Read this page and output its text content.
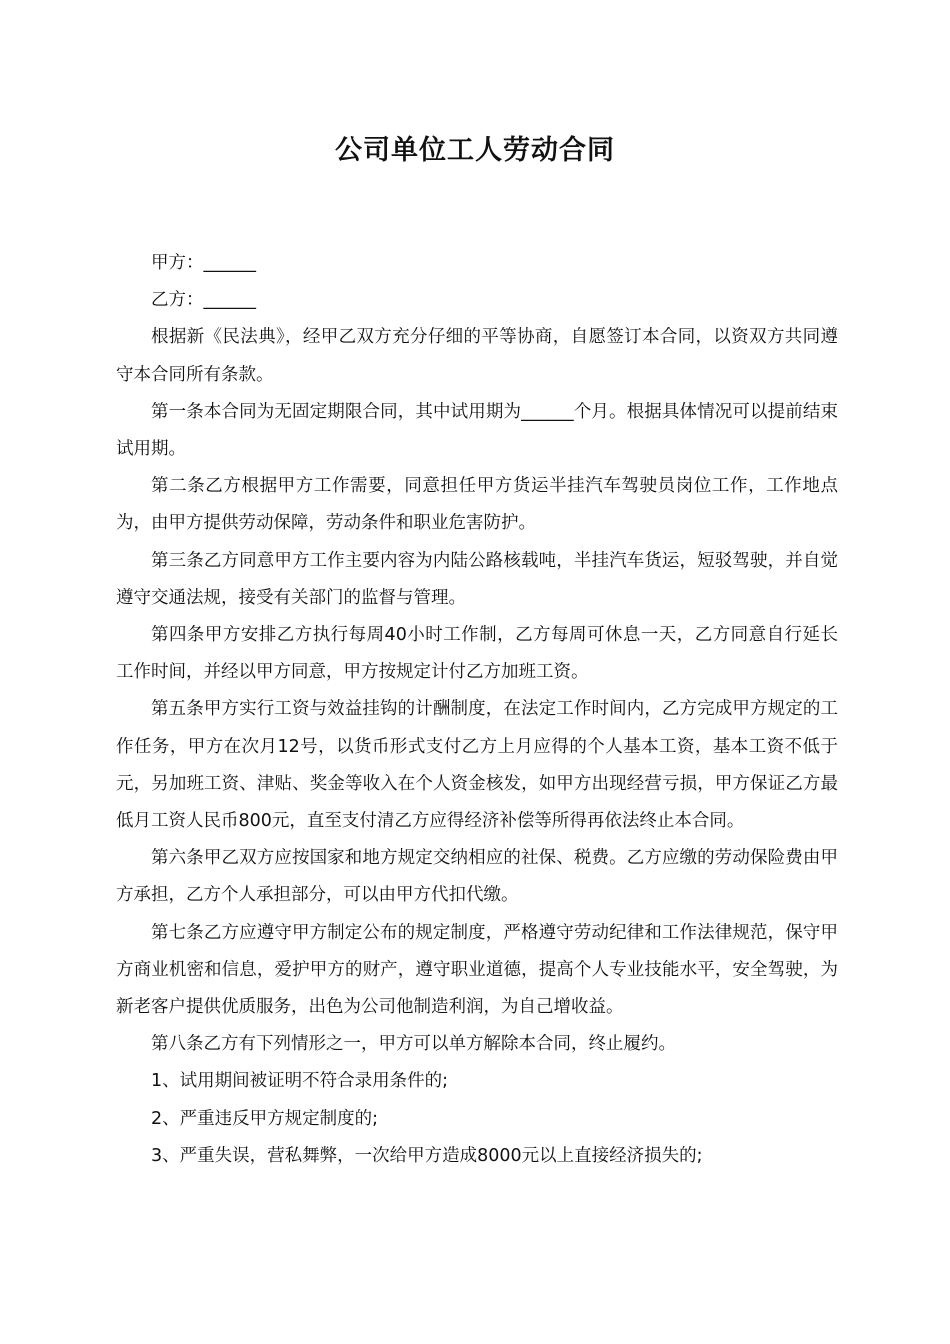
公司单位工人劳动合同

甲方：______

乙方：______

根据新《民法典》，经甲乙双方充分仔细的平等协商，自愿签订本合同，以资双方共同遵守本合同所有条款。

第一条本合同为无固定期限合同，其中试用期为______个月。根据具体情况可以提前结束试用期。

第二条乙方根据甲方工作需要，同意担任甲方货运半挂汽车驾驶员岗位工作，工作地点为，由甲方提供劳动保障，劳动条件和职业危害防护。

第三条乙方同意甲方工作主要内容为内陆公路核载吨，半挂汽车货运，短驳驾驶，并自觉遵守交通法规，接受有关部门的监督与管理。

第四条甲方安排乙方执行每周40小时工作制，乙方每周可休息一天，乙方同意自行延长工作时间，并经以甲方同意，甲方按规定计付乙方加班工资。

第五条甲方实行工资与效益挂钩的计酬制度，在法定工作时间内，乙方完成甲方规定的工作任务，甲方在次月12号，以货币形式支付乙方上月应得的个人基本工资，基本工资不低于元，另加班工资、津贴、奖金等收入在个人资金核发，如甲方出现经营亏损，甲方保证乙方最低月工资人民币800元，直至支付清乙方应得经济补偿等所得再依法终止本合同。

第六条甲乙双方应按国家和地方规定交纳相应的社保、税费。乙方应缴的劳动保险费由甲方承担，乙方个人承担部分，可以由甲方代扣代缴。

第七条乙方应遵守甲方制定公布的规定制度，严格遵守劳动纪律和工作法律规范，保守甲方商业机密和信息，爱护甲方的财产，遵守职业道德，提高个人专业技能水平，安全驾驶，为新老客户提供优质服务，出色为公司他制造利润，为自己增收益。

第八条乙方有下列情形之一，甲方可以单方解除本合同，终止履约。

1、试用期间被证明不符合录用条件的;

2、严重违反甲方规定制度的;

3、严重失误，营私舞弊，一次给甲方造成8000元以上直接经济损失的;
